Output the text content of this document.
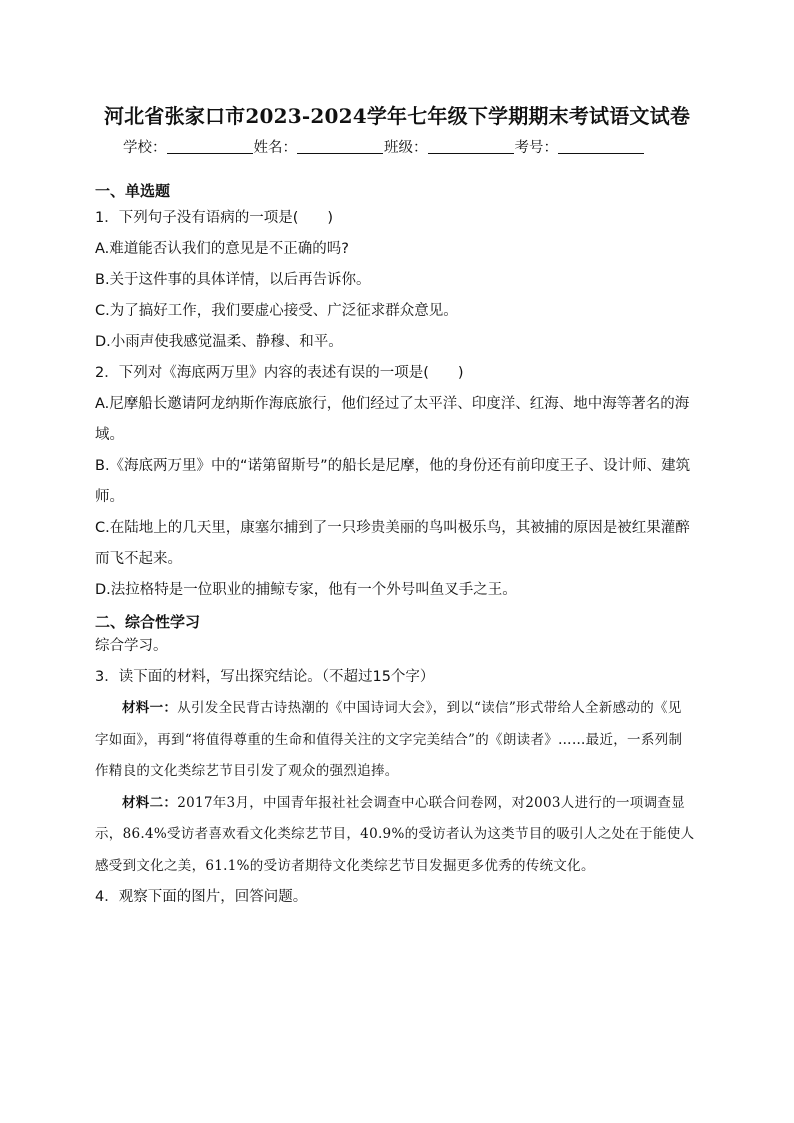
河北省张家口市2023-2024学年七年级下学期期末考试语文试卷
学校：	姓名：	班级：	考号：
一、单选题

1．下列句子没有语病的一项是(　　)

A.难道能否认我们的意见是不正确的吗?

B.关于这件事的具体详情，以后再告诉你。

C.为了搞好工作，我们要虚心接受、广泛征求群众意见。

D.小雨声使我感觉温柔、静穆、和平。

2．下列对《海底两万里》内容的表述有误的一项是(　　)

A.尼摩船长邀请阿龙纳斯作海底旅行，他们经过了太平洋、印度洋、红海、地中海等著名的海域。

B.《海底两万里》中的“诺第留斯号”的船长是尼摩，他的身份还有前印度王子、设计师、建筑师。

C.在陆地上的几天里，康塞尔捕到了一只珍贵美丽的鸟叫极乐鸟，其被捕的原因是被红果灌醉而飞不起来。

D.法拉格特是一位职业的捕鲸专家，他有一个外号叫鱼叉手之王。

二、综合性学习

综合学习。

3．读下面的材料，写出探究结论。（不超过15个字）

材料一：从引发全民背古诗热潮的《中国诗词大会》，到以“读信”形式带给人全新感动的《见字如面》，再到“将值得尊重的生命和值得关注的文字完美结合”的《朗读者》……最近，一系列制作精良的文化类综艺节目引发了观众的强烈追捧。

材料二：2017年3月，中国青年报社社会调查中心联合问卷网，对2003人进行的一项调查显示，86.4%受访者喜欢看文化类综艺节目，40.9%的受访者认为这类节目的吸引人之处在于能使人感受到文化之美，61.1%的受访者期待文化类综艺节目发掘更多优秀的传统文化。

4．观察下面的图片，回答问题。
